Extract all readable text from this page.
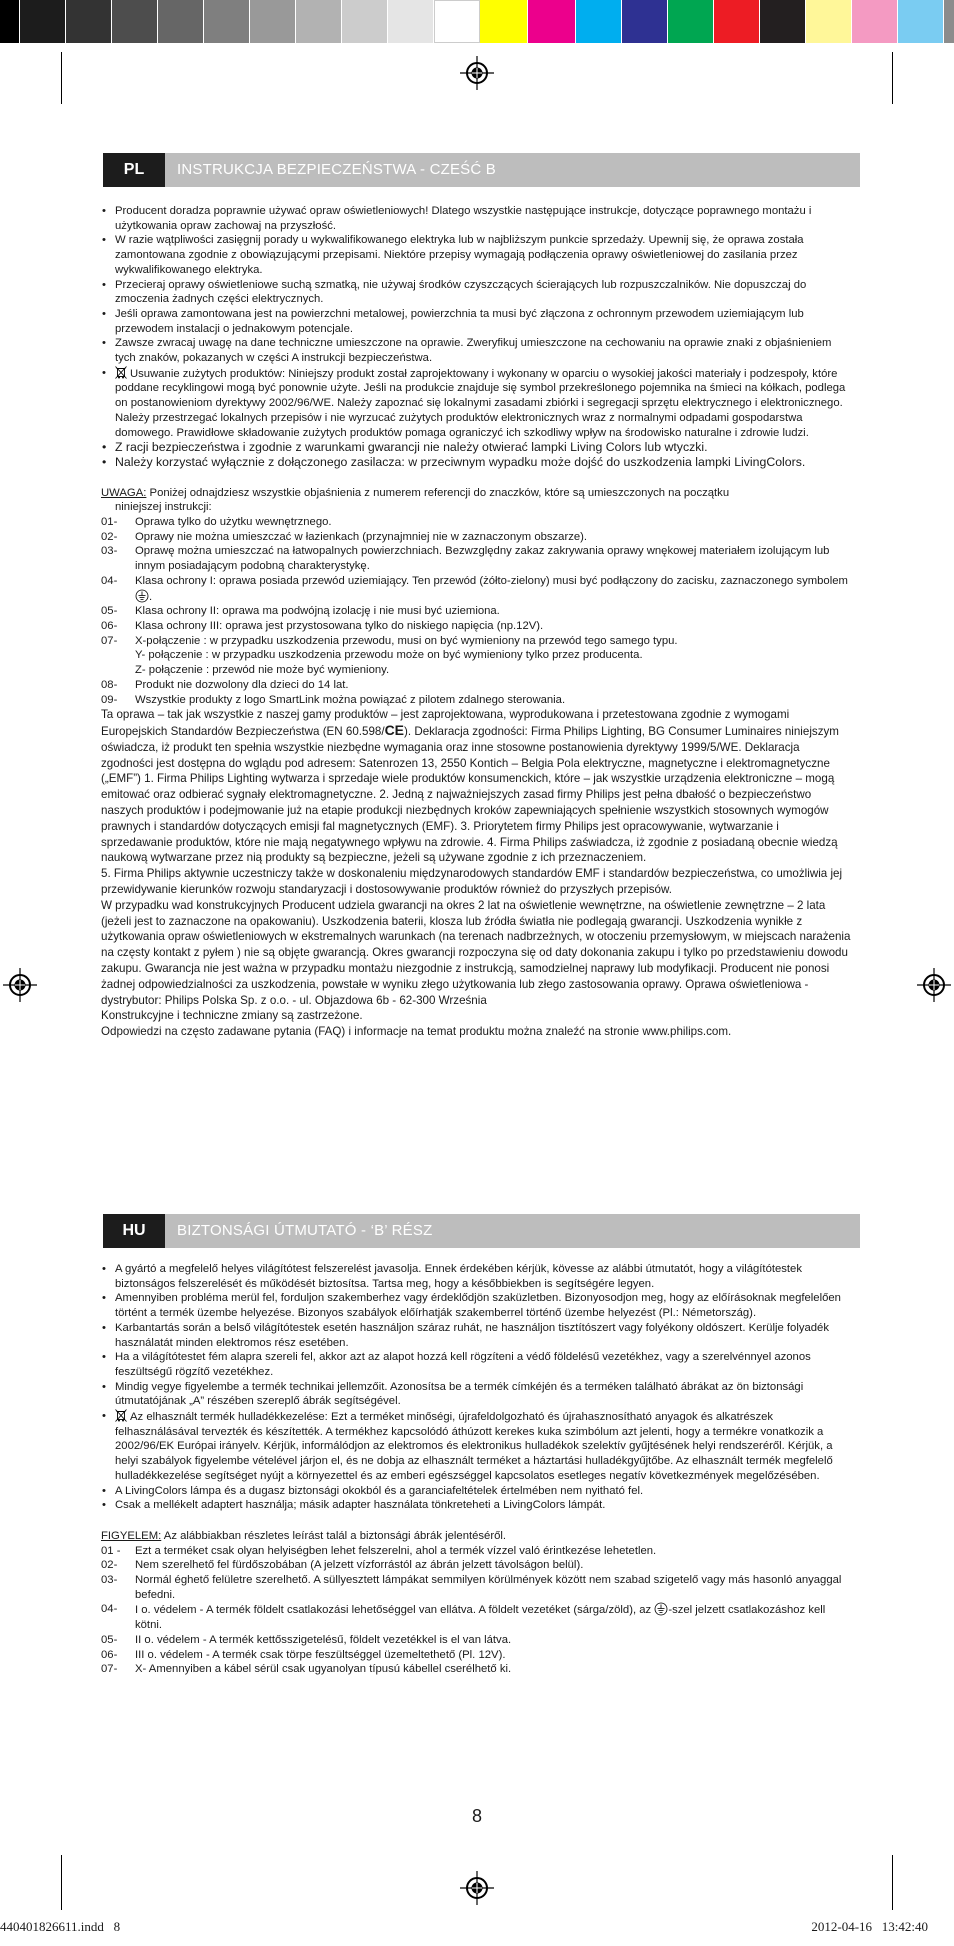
PL	INSTRUKCJA BEZPIECZEŃSTWA - CZEŚĆ B
• Producent doradza poprawnie używać opraw oświetleniowych! Dlatego wszystkie następujące instrukcje, dotyczące poprawnego montażu i użytkowania opraw zachowaj na przyszłość.
• W razie wątpliwości zasięgnij porady u wykwalifikowanego elektryka lub w najbliższym punkcie sprzedaży. Upewnij się, że oprawa została zamontowana zgodnie z obowiązującymi przepisami. Niektóre przepisy wymagają podłączenia oprawy oświetleniowej do zasilania przez wykwalifikowanego elektryka.
• Przecieraj oprawy oświetleniowe suchą szmatką, nie używaj środków czyszczących ścierających lub rozpuszczalników. Nie dopuszczaj do zmoczenia żadnych części elektrycznych.
• Jeśli oprawa zamontowana jest na powierzchni metalowej, powierzchnia ta musi być złączona z ochronnym przewodem uziemiającym lub przewodem instalacji o jednakowym potencjale.
• Zawsze zwracaj uwagę na dane techniczne umieszczone na oprawie. Zweryfikuj umieszczone na cechowaniu na oprawie znaki z objaśnieniem tych znaków, pokazanych w części A instrukcji bezpieczeństwa.
• Usuwanie zużytych produktów: Niniejszy produkt został zaprojektowany i wykonany w oparciu o wysokiej jakości materiały i podzespoły, które poddane recyklingowi mogą być ponownie użyte. Jeśli na produkcie znajduje się symbol przekreślonego pojemnika na śmieci na kółkach, podlega on postanowieniom dyrektywy 2002/96/WE. Należy zapoznać się lokalnymi zasadami zbiórki i segregacji sprzętu elektrycznego i elektronicznego. Należy przestrzegać lokalnych przepisów i nie wyrzucać zużytych produktów elektronicznych wraz z normalnymi odpadami gospodarstwa domowego. Prawidłowe składowanie zużytych produktów pomaga ograniczyć ich szkodliwy wpływ na środowisko naturalne i zdrowie ludzi.
• Z racji bezpieczeństwa i zgodnie z warunkami gwarancji nie należy otwierać lampki Living Colors lub wtyczki.
• Należy korzystać wyłącznie z dołączonego zasilacza: w przeciwnym wypadku może dojść do uszkodzenia lampki LivingColors.
UWAGA: Poniżej odnajdziesz wszystkie objaśnienia z numerem referencji do znaczków, które są umieszczonych na początku
niniejszej instrukcji:
01- Oprawa tylko do użytku wewnętrznego.
02- Oprawy nie można umieszczać w łazienkach (przynajmniej nie w zaznaczonym obszarze).
03- Oprawę można umieszczać na łatwopalnych powierzchniach. Bezwzględny zakaz zakrywania oprawy wnękowej materiałem izolującym lub innym posiadającym podobną charakterystykę.
04- Klasa ochrony I: oprawa posiada przewód uziemiający. Ten przewód (żółto-zielony) musi być podłączony do zacisku, zaznaczonego symbolem .
05- Klasa ochrony II: oprawa ma podwójną izolację i nie musi być uziemiona.
06- Klasa ochrony III: oprawa jest przystosowana tylko do niskiego napięcia (np.12V).
07- X-połączenie : w przypadku uszkodzenia przewodu, musi on być wymieniony na przewód tego samego typu.
Y- połączenie : w przypadku uszkodzenia przewodu może on być wymieniony tylko przez producenta.
Z- połączenie : przewód nie może być wymieniony.
08- Produkt nie dozwolony dla dzieci do 14 lat.
09- Wszystkie produkty z logo SmartLink można powiązać z pilotem zdalnego sterowania.

Ta oprawa – tak jak wszystkie z naszej gamy produktów – jest zaprojektowana, wyprodukowana i przetestowana zgodnie z wymogami Europejskich Standardów Bezpieczeństwa (EN 60.598/CE). Deklaracja zgodności: Firma Philips Lighting, BG Consumer Luminaires niniejszym oświadcza, iż produkt ten spełnia wszystkie niezbędne wymagania oraz inne stosowne postanowienia dyrektywy 1999/5/WE. Deklaracja zgodności jest dostępna do wglądu pod adresem: Satenrozen 13, 2550 Kontich – Belgia Pola elektryczne, magnetyczne i elektromagnetyczne („EMF”) 1. Firma Philips Lighting wytwarza i sprzedaje wiele produktów konsumenckich, które – jak wszystkie urządzenia elektroniczne – mogą emitować oraz odbierać sygnały elektromagnetyczne. 2. Jedną z najważniejszych zasad firmy Philips jest pełna dbałość o bezpieczeństwo naszych produktów i podejmowanie już na etapie produkcji niezbędnych kroków zapewniających spełnienie wszystkich stosownych wymogów prawnych i standardów dotyczących emisji fal magnetycznych (EMF). 3. Priorytetem firmy Philips jest opracowywanie, wytwarzanie i sprzedawanie produktów, które nie mają negatywnego wpływu na zdrowie. 4. Firma Philips zaświadcza, iż zgodnie z posiadaną obecnie wiedzą naukową wytwarzane przez nią produkty są bezpieczne, jeżeli są używane zgodnie z ich przeznaczeniem.

5. Firma Philips aktywnie uczestniczy także w doskonaleniu międzynarodowych standardów EMF i standardów bezpieczeństwa, co umożliwia jej przewidywanie kierunków rozwoju standaryzacji i dostosowywanie produktów również do przyszłych przepisów.

W przypadku wad konstrukcyjnych Producent udziela gwarancji na okres 2 lat na oświetlenie wewnętrzne, na oświetlenie zewnętrzne – 2 lata (jeżeli jest to zaznaczone na opakowaniu). Uszkodzenia baterii, klosza lub źródła światła nie podlegają gwarancji. Uszkodzenia wynikłe z użytkowania opraw oświetleniowych w ekstremalnych warunkach (na terenach nadbrzeżnych, w otoczeniu przemysłowym, w miejscach narażenia na częsty kontakt z pyłem ) nie są objęte gwarancją. Okres gwarancji rozpoczyna się od daty dokonania zakupu i tylko po przedstawieniu dowodu zakupu. Gwarancja nie jest ważna w przypadku montażu niezgodnie z instrukcją, samodzielnej naprawy lub modyfikacji. Producent nie ponosi żadnej odpowiedzialności za uszkodzenia, powstałe w wyniku złego użytkowania lub złego zastosowania oprawy. Oprawa oświetleniowa - dystrybutor: Philips Polska Sp. z o.o. - ul. Objazdowa 6b - 62-300 Września

Konstrukcyjne i techniczne zmiany są zastrzeżone.

Odpowiedzi na często zadawane pytania (FAQ) i informacje na temat produktu można znaleźć na stronie www.philips.com.

HU	BIZTONSÁGI ÚTMUTATÓ - ‘B’ RÉSZ
• A gyártó a megfelelő helyes világítótest felszerelést javasolja. Ennek érdekében kérjük, kövesse az alábbi útmutatót, hogy a világítótestek biztonságos felszerelését és működését biztosítsa. Tartsa meg, hogy a későbbiekben is segítségére legyen.
• Amennyiben probléma merül fel, forduljon szakemberhez vagy érdeklődjön szaküzletben. Bizonyosodjon meg, hogy az előírásoknak megfelelően történt a termék üzembe helyezése. Bizonyos szabályok előírhatják szakemberrel történő üzembe helyezést (Pl.: Németország).
• Karbantartás során a belső világítótestek esetén használjon száraz ruhát, ne használjon tisztítószert vagy folyékony oldószert. Kerülje folyadék használatát minden elektromos rész esetében.
• Ha a világítótestet fém alapra szereli fel, akkor azt az alapot hozzá kell rögzíteni a védő földelésű vezetékhez, vagy a szerelvénnyel azonos feszültségű rögzítő vezetékhez.
• Mindig vegye figyelembe a termék technikai jellemzőit. Azonosítsa be a termék címkéjén és a terméken található ábrákat az ön biztonsági útmutatójának „A” részében szereplő ábrák segítségével.
• Az elhasznált termék hulladékkezelése: Ezt a terméket minőségi, újrafeldolgozható és újrahasznosítható anyagok és alkatrészek felhasználásával tervezték és készítették. A termékhez kapcsolódó áthúzott kerekes kuka szimbólum azt jelenti, hogy a termékre vonatkozik a 2002/96/EK Európai irányelv. Kérjük, informálódjon az elektromos és elektronikus hulladékok szelektív gyűjtésének helyi rendszeréről. Kérjük, a helyi szabályok figyelembe vételével járjon el, és ne dobja az elhasznált terméket a háztartási hulladékgyűjtőbe. Az elhasznált termék megfelelő hulladékkezelése segítséget nyújt a környezettel és az emberi egészséggel kapcsolatos esetleges negatív következmények megelőzésében.
• A LivingColors lámpa és a dugasz biztonsági okokból és a garanciafeltételek értelmében nem nyitható fel.
• Csak a mellékelt adaptert használja; másik adapter használata tönkreteheti a LivingColors lámpát.
FIGYELEM: Az alábbiakban részletes leírást talál a biztonsági ábrák jelentéséről.
01 - Ezt a terméket csak olyan helyiségben lehet felszerelni, ahol a termék vízzel való érintkezése lehetetlen.
02- Nem szerelhető fel fürdőszobában (A jelzett vízforrástól az ábrán jelzett távolságon belül).
03- Normál éghető felületre szerelhető. A süllyesztett lámpákat semmilyen körülmények között nem szabad szigetelő vagy más hasonló anyaggal befedni.
04- I o. védelem - A termék földelt csatlakozási lehetőséggel van ellátva. A földelt vezetéket (sárga/zöld), az -szel jelzett csatlakozáshoz kell kötni.
05- II o. védelem - A termék kettősszigetelésű, földelt vezetékkel is el van látva.
06- III o. védelem - A termék csak törpe feszültséggel üzemeltethető (Pl. 12V).
07- X- Amennyiben a kábel sérül csak ugyanolyan típusú kábellel cserélhető ki.
8
440401826611.indd   8	2012-04-16   13:42:40
